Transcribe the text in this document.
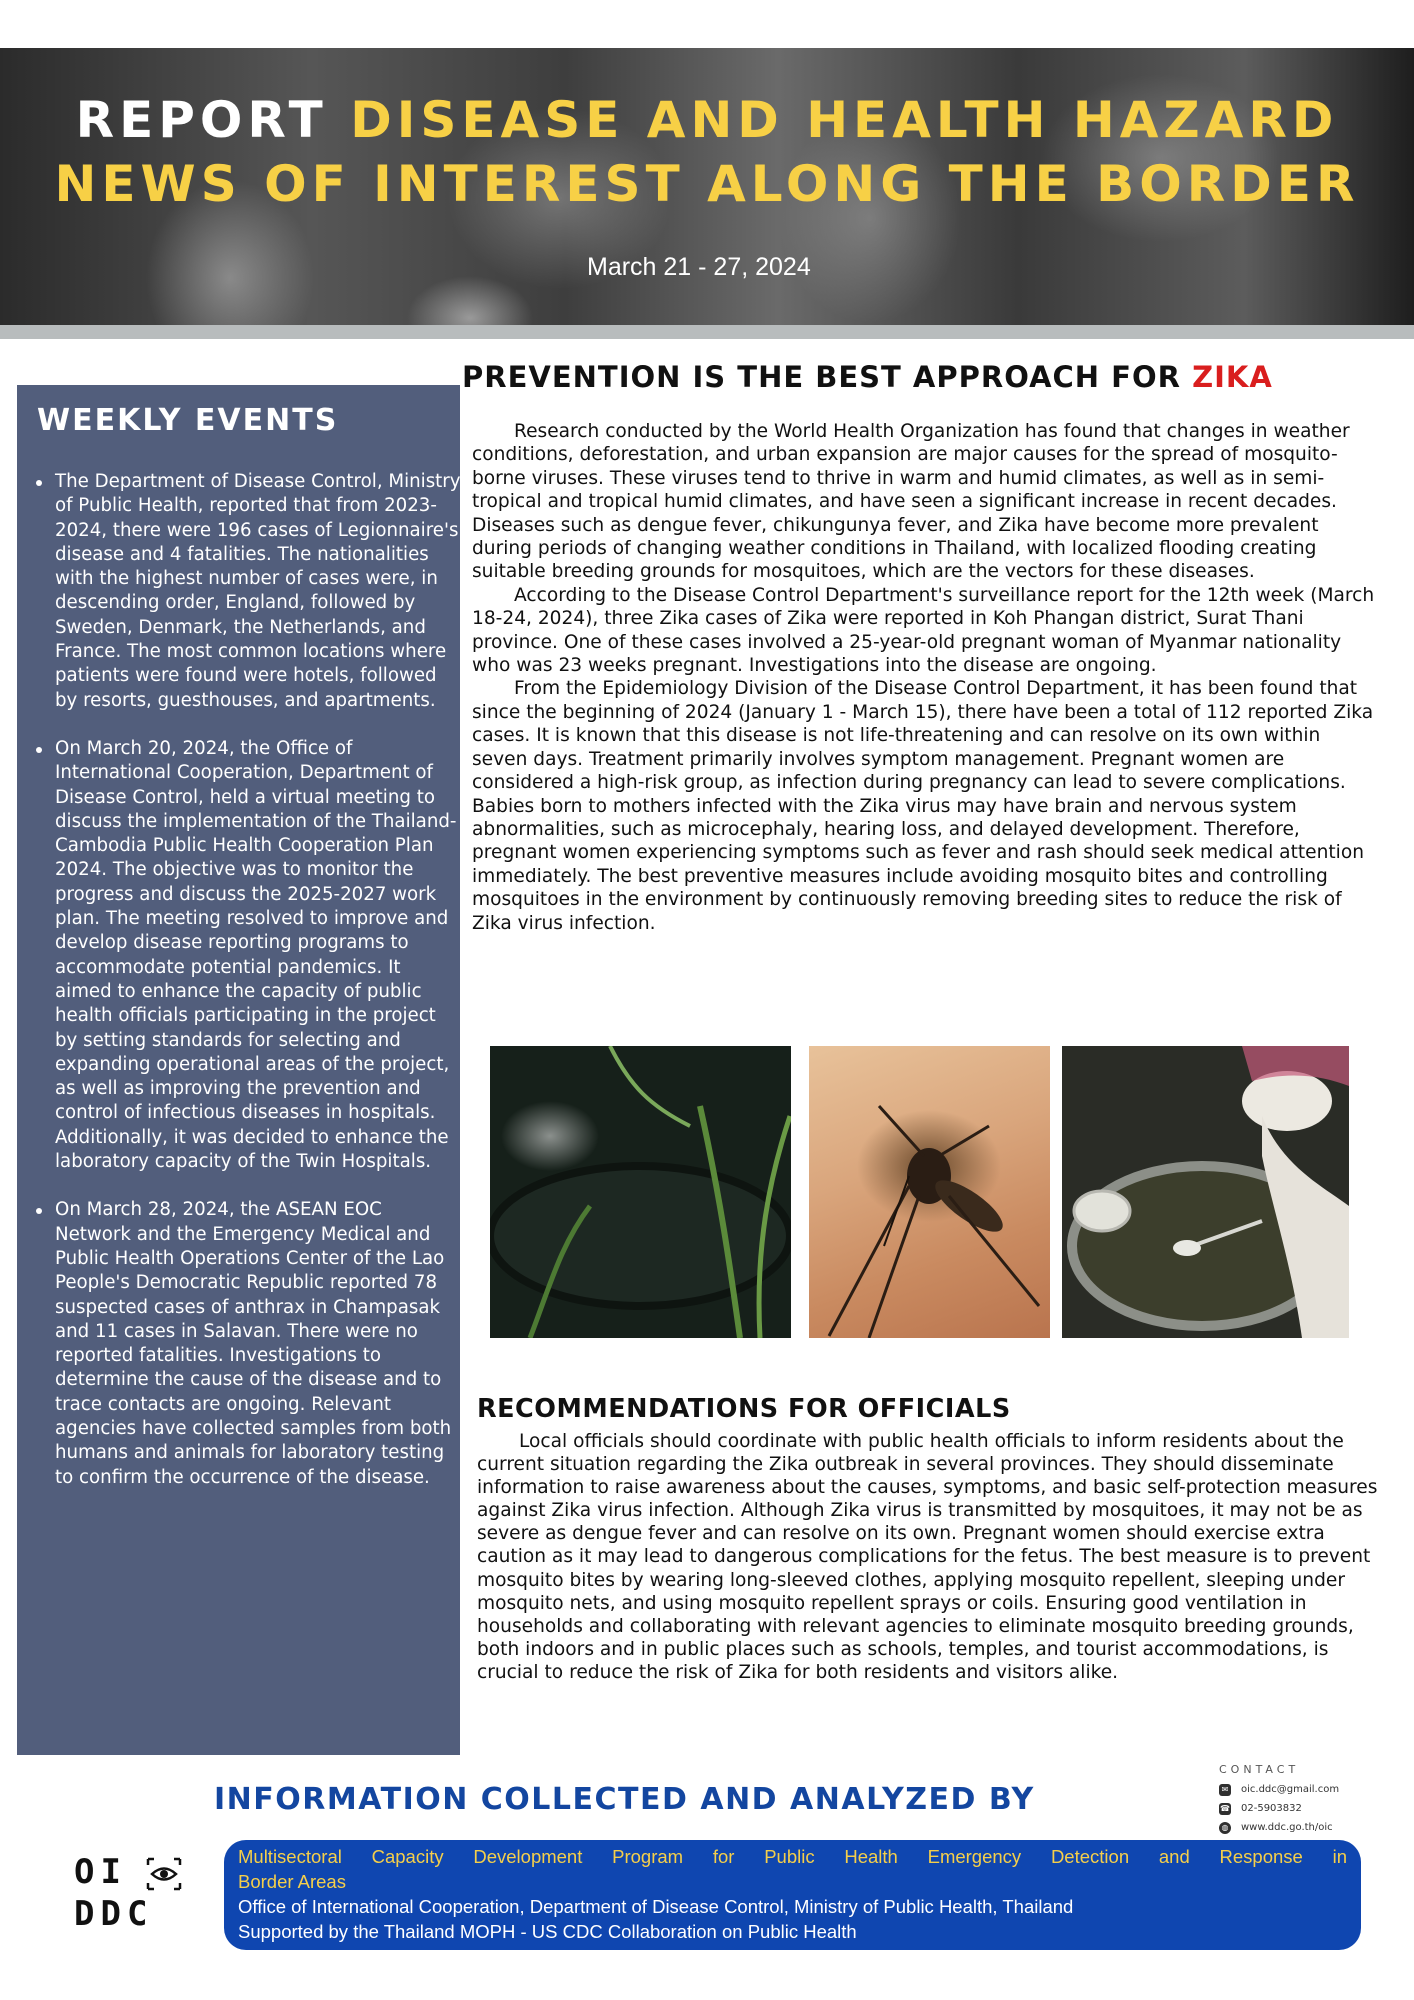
REPORT DISEASE AND HEALTH HAZARD
NEWS OF INTEREST ALONG THE BORDER
March 21 - 27, 2024
WEEKLY EVENTS
The Department of Disease Control, Ministry of Public Health, reported that from 2023-2024, there were 196 cases of Legionnaire's disease and 4 fatalities. The nationalities with the highest number of cases were, in descending order, England, followed by Sweden, Denmark, the Netherlands, and France. The most common locations where patients were found were hotels, followed by resorts, guesthouses, and apartments.
On March 20, 2024, the Office of International Cooperation, Department of Disease Control, held a virtual meeting to discuss the implementation of the Thailand-Cambodia Public Health Cooperation Plan 2024. The objective was to monitor the progress and discuss the 2025-2027 work plan. The meeting resolved to improve and develop disease reporting programs to accommodate potential pandemics. It aimed to enhance the capacity of public health officials participating in the project by setting standards for selecting and expanding operational areas of the project, as well as improving the prevention and control of infectious diseases in hospitals. Additionally, it was decided to enhance the laboratory capacity of the Twin Hospitals.
On March 28, 2024, the ASEAN EOC Network and the Emergency Medical and Public Health Operations Center of the Lao People's Democratic Republic reported 78 suspected cases of anthrax in Champasak and 11 cases in Salavan. There were no reported fatalities. Investigations to determine the cause of the disease and to trace contacts are ongoing. Relevant agencies have collected samples from both humans and animals for laboratory testing to confirm the occurrence of the disease.
PREVENTION IS THE BEST APPROACH FOR ZIKA

Research conducted by the World Health Organization has found that changes in weather conditions, deforestation, and urban expansion are major causes for the spread of mosquito-borne viruses. These viruses tend to thrive in warm and humid climates, as well as in semi-tropical and tropical humid climates, and have seen a significant increase in recent decades. Diseases such as dengue fever, chikungunya fever, and Zika have become more prevalent during periods of changing weather conditions in Thailand, with localized flooding creating suitable breeding grounds for mosquitoes, which are the vectors for these diseases.

According to the Disease Control Department's surveillance report for the 12th week (March 18-24, 2024), three Zika cases of Zika were reported in Koh Phangan district, Surat Thani province. One of these cases involved a 25-year-old pregnant woman of Myanmar nationality who was 23 weeks pregnant. Investigations into the disease are ongoing.

From the Epidemiology Division of the Disease Control Department, it has been found that since the beginning of 2024 (January 1 - March 15), there have been a total of 112 reported Zika cases. It is known that this disease is not life-threatening and can resolve on its own within seven days. Treatment primarily involves symptom management. Pregnant women are considered a high-risk group, as infection during pregnancy can lead to severe complications. Babies born to mothers infected with the Zika virus may have brain and nervous system abnormalities, such as microcephaly, hearing loss, and delayed development. Therefore, pregnant women experiencing symptoms such as fever and rash should seek medical attention immediately. The best preventive measures include avoiding mosquito bites and controlling mosquitoes in the environment by continuously removing breeding sites to reduce the risk of Zika virus infection.

RECOMMENDATIONS FOR OFFICIALS

Local officials should coordinate with public health officials to inform residents about the current situation regarding the Zika outbreak in several provinces. They should disseminate information to raise awareness about the causes, symptoms, and basic self-protection measures against Zika virus infection. Although Zika virus is transmitted by mosquitoes, it may not be as severe as dengue fever and can resolve on its own. Pregnant women should exercise extra caution as it may lead to dangerous complications for the fetus. The best measure is to prevent mosquito bites by wearing long-sleeved clothes, applying mosquito repellent, sleeping under mosquito nets, and using mosquito repellent sprays or coils. Ensuring good ventilation in households and collaborating with relevant agencies to eliminate mosquito breeding grounds, both indoors and in public places such as schools, temples, and tourist accommodations, is crucial to reduce the risk of Zika for both residents and visitors alike.

INFORMATION COLLECTED AND ANALYZED BY
CONTACT
✉ oic.ddc@gmail.com
☎ 02-5903832
◍ www.ddc.go.th/oic
OI
DDC
Multisectoral Capacity Development Program for Public Health Emergency Detection and Response in
Border Areas
Office of International Cooperation, Department of Disease Control, Ministry of Public Health, Thailand
Supported by the Thailand MOPH - US CDC Collaboration on Public Health
